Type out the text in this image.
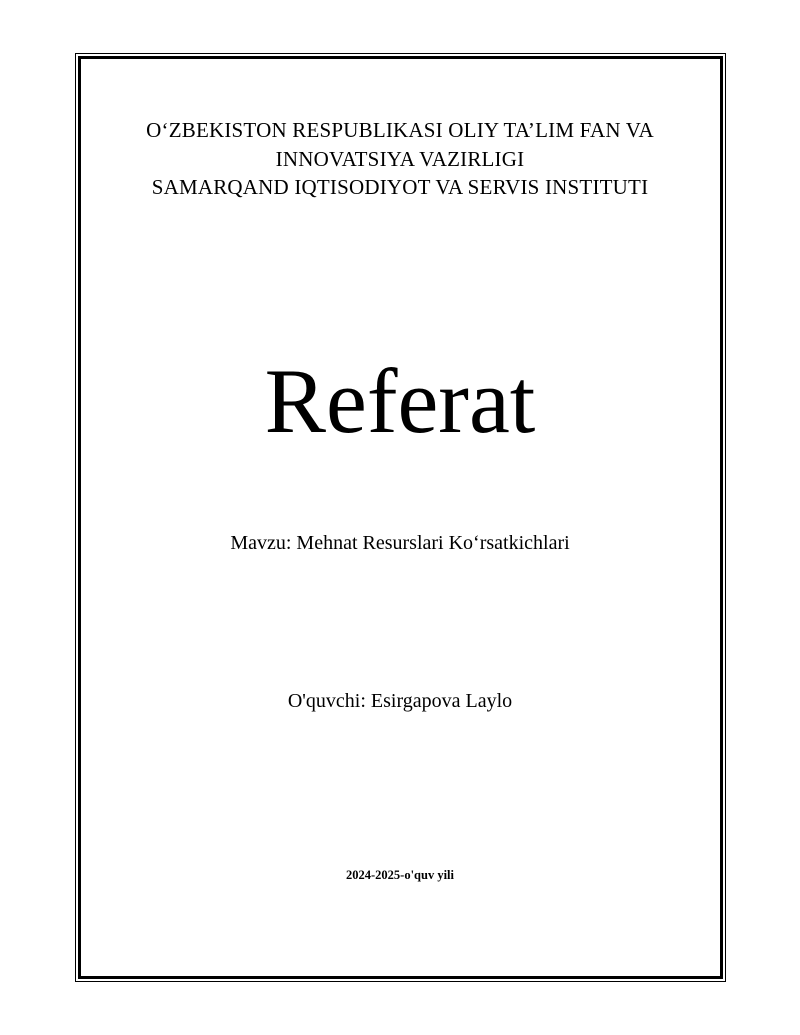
O‘ZBEKISTON RESPUBLIKASI OLIY TA’LIM FAN VA
INNOVATSIYA VAZIRLIGI
SAMARQAND IQTISODIYOT VA SERVIS INSTITUTI
Referat
Mavzu: Mehnat Resurslari Ko‘rsatkichlari
O'quvchi: Esirgapova Laylo
2024-2025-o'quv yili
